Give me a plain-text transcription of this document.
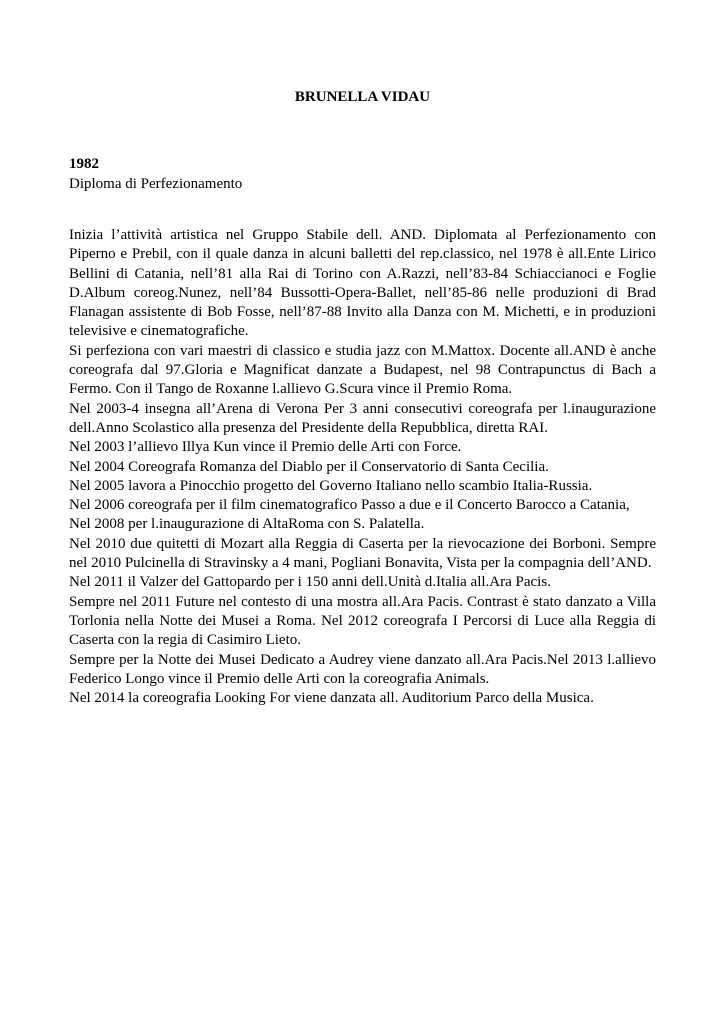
BRUNELLA VIDAU
1982
Diploma di Perfezionamento

Inizia l’attività artistica nel Gruppo Stabile dell. AND. Diplomata al Perfezionamento con Piperno e Prebil, con il quale danza in alcuni balletti del rep.classico, nel 1978 è all.Ente Lirico Bellini di Catania, nell’81 alla Rai di Torino con A.Razzi, nell’83-84 Schiaccianoci e Foglie D.Album coreog.Nunez, nell’84 Bussotti-Opera-Ballet, nell’85-86 nelle produzioni di Brad Flanagan assistente di Bob Fosse, nell’87-88 Invito alla Danza con M. Michetti, e in produzioni televisive e cinematografiche.

Si perfeziona con vari maestri di classico e studia jazz con M.Mattox. Docente all.AND è anche coreografa dal 97.Gloria e Magnificat danzate a Budapest, nel 98 Contrapunctus di Bach a Fermo. Con il Tango de Roxanne l.allievo G.Scura vince il Premio Roma.

Nel 2003-4 insegna all’Arena di Verona Per 3 anni consecutivi coreografa per l.inaugurazione dell.Anno Scolastico alla presenza del Presidente della Repubblica, diretta RAI.

Nel 2003 l’allievo Illya Kun vince il Premio delle Arti con Force.

Nel 2004 Coreografa Romanza del Diablo per il Conservatorio di Santa Cecilia.

Nel 2005 lavora a Pinocchio progetto del Governo Italiano nello scambio Italia-Russia.

Nel 2006 coreografa per il film cinematografico Passo a due e il Concerto Barocco a Catania,

Nel 2008 per l.inaugurazione di AltaRoma con S. Palatella.

Nel 2010 due quitetti di Mozart alla Reggia di Caserta per la rievocazione dei Borboni. Sempre nel 2010 Pulcinella di Stravinsky a 4 mani, Pogliani Bonavita, Vista per la compagnia dell’AND.

Nel 2011 il Valzer del Gattopardo per i 150 anni dell.Unità d.Italia all.Ara Pacis.

Sempre nel 2011 Future nel contesto di una mostra all.Ara Pacis. Contrast è stato danzato a Villa Torlonia nella Notte dei Musei a Roma. Nel 2012 coreografa I Percorsi di Luce alla Reggia di Caserta con la regia di Casimiro Lieto.

Sempre per la Notte dei Musei Dedicato a Audrey viene danzato all.Ara Pacis.Nel 2013 l.allievo Federico Longo vince il Premio delle Arti con la coreografia Animals.

Nel 2014 la coreografia Looking For viene danzata all. Auditorium Parco della Musica.
